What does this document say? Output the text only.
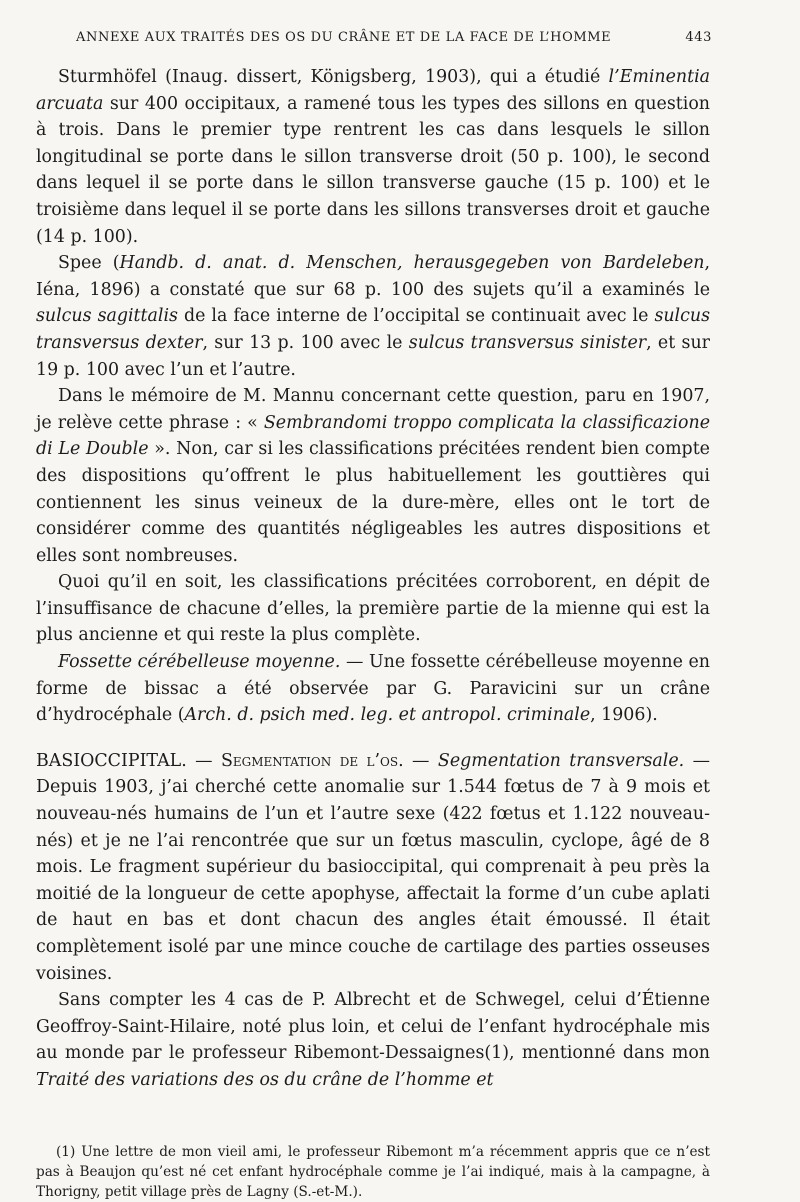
ANNEXE AUX TRAITÉS DES OS DU CRÂNE ET DE LA FACE DE L’HOMME	443

Sturmhöfel (Inaug. dissert, Königsberg, 1903), qui a étudié l’Eminentia arcuata sur 400 occipitaux, a ramené tous les types des sillons en question à trois. Dans le premier type rentrent les cas dans lesquels le sillon longitudinal se porte dans le sillon transverse droit (50 p. 100), le second dans lequel il se porte dans le sillon transverse gauche (15 p. 100) et le troisième dans lequel il se porte dans les sillons transverses droit et gauche (14 p. 100).

Spee (Handb. d. anat. d. Menschen, herausgegeben von Bardeleben, Iéna, 1896) a constaté que sur 68 p. 100 des sujets qu’il a examinés le sulcus sagittalis de la face interne de l’occipital se continuait avec le sulcus transversus dexter, sur 13 p. 100 avec le sulcus transversus sinister, et sur 19 p. 100 avec l’un et l’autre.

Dans le mémoire de M. Mannu concernant cette question, paru en 1907, je relève cette phrase : « Sembrandomi troppo complicata la classificazione di Le Double ». Non, car si les classifications précitées rendent bien compte des dispositions qu’offrent le plus habituellement les gouttières qui contiennent les sinus veineux de la dure-mère, elles ont le tort de considérer comme des quantités négligeables les autres dispositions et elles sont nombreuses.

Quoi qu’il en soit, les classifications précitées corroborent, en dépit de l’insuffisance de chacune d’elles, la première partie de la mienne qui est la plus ancienne et qui reste la plus complète.

Fossette cérébelleuse moyenne. — Une fossette cérébelleuse moyenne en forme de bissac a été observée par G. Paravicini sur un crâne d’hydrocéphale (Arch. d. psich med. leg. et antropol. criminale, 1906).

BASIOCCIPITAL. — Segmentation de l’os. — Segmentation transversale. — Depuis 1903, j’ai cherché cette anomalie sur 1.544 fœtus de 7 à 9 mois et nouveau-nés humains de l’un et l’autre sexe (422 fœtus et 1.122 nouveau-nés) et je ne l’ai rencontrée que sur un fœtus masculin, cyclope, âgé de 8 mois. Le fragment supérieur du basioccipital, qui comprenait à peu près la moitié de la longueur de cette apophyse, affectait la forme d’un cube aplati de haut en bas et dont chacun des angles était émoussé. Il était complètement isolé par une mince couche de cartilage des parties osseuses voisines.

Sans compter les 4 cas de P. Albrecht et de Schwegel, celui d’Étienne Geoffroy-Saint-Hilaire, noté plus loin, et celui de l’enfant hydrocéphale mis au monde par le professeur Ribemont-Dessaignes(1), mentionné dans mon Traité des variations des os du crâne de l’homme et

(1) Une lettre de mon vieil ami, le professeur Ribemont m’a récemment appris que ce n’est pas à Beaujon qu’est né cet enfant hydrocéphale comme je l’ai indiqué, mais à la campagne, à Thorigny, petit village près de Lagny (S.-et-M.).
